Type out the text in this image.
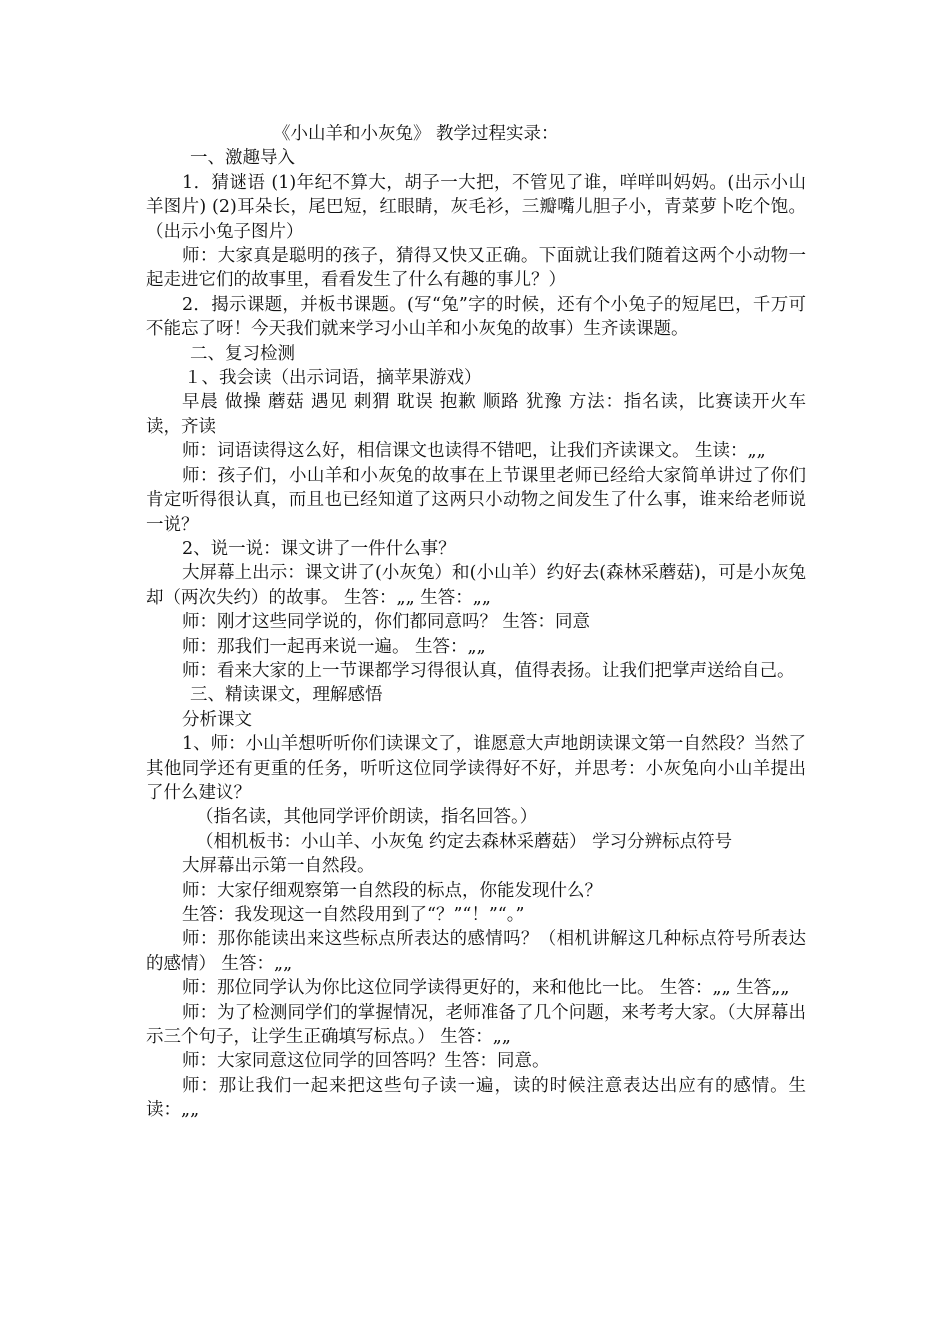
《小山羊和小灰兔》 教学过程实录：

一、激趣导入

1．猜谜语 (1)年纪不算大，胡子一大把，不管见了谁，咩咩叫妈妈。(出示小山羊图片) (2)耳朵长，尾巴短，红眼睛，灰毛衫，三瓣嘴儿胆子小，青菜萝卜吃个饱。（出示小兔子图片）

师：大家真是聪明的孩子，猜得又快又正确。下面就让我们随着这两个小动物一起走进它们的故事里，看看发生了什么有趣的事儿？）

2．揭示课题，并板书课题。(写“兔”字的时候，还有个小兔子的短尾巴，千万可不能忘了呀！今天我们就来学习小山羊和小灰兔的故事）生齐读课题。

二、复习检测

１、我会读（出示词语，摘苹果游戏）

早晨 做操 蘑菇 遇见 刺猬 耽误 抱歉 顺路 犹豫 方法：指名读，比赛读开火车读，齐读

师：词语读得这么好，相信课文也读得不错吧，让我们齐读课文。 生读：„„

师：孩子们，小山羊和小灰兔的故事在上节课里老师已经给大家简单讲过了你们肯定听得很认真，而且也已经知道了这两只小动物之间发生了什么事，谁来给老师说一说？

2、说一说：课文讲了一件什么事？

大屏幕上出示：课文讲了(小灰兔）和(小山羊）约好去(森林采蘑菇)，可是小灰兔却（两次失约）的故事。 生答：„„ 生答：„„

师：刚才这些同学说的，你们都同意吗？ 生答：同意

师：那我们一起再来说一遍。 生答：„„

师：看来大家的上一节课都学习得很认真，值得表扬。让我们把掌声送给自己。

三、精读课文，理解感悟

分析课文

1、师：小山羊想听听你们读课文了，谁愿意大声地朗读课文第一自然段？当然了其他同学还有更重的任务，听听这位同学读得好不好，并思考：小灰兔向小山羊提出了什么建议？

（指名读，其他同学评价朗读，指名回答。）

（相机板书：小山羊、小灰兔 约定去森林采蘑菇） 学习分辨标点符号

大屏幕出示第一自然段。

师：大家仔细观察第一自然段的标点，你能发现什么？

生答：我发现这一自然段用到了“？”“！”“。”

师：那你能读出来这些标点所表达的感情吗？（相机讲解这几种标点符号所表达的感情） 生答：„„

师：那位同学认为你比这位同学读得更好的，来和他比一比。 生答：„„ 生答„„

师：为了检测同学们的掌握情况，老师准备了几个问题，来考考大家。（大屏幕出示三个句子，让学生正确填写标点。） 生答：„„

师：大家同意这位同学的回答吗？生答：同意。

师：那让我们一起来把这些句子读一遍，读的时候注意表达出应有的感情。生读：„„
